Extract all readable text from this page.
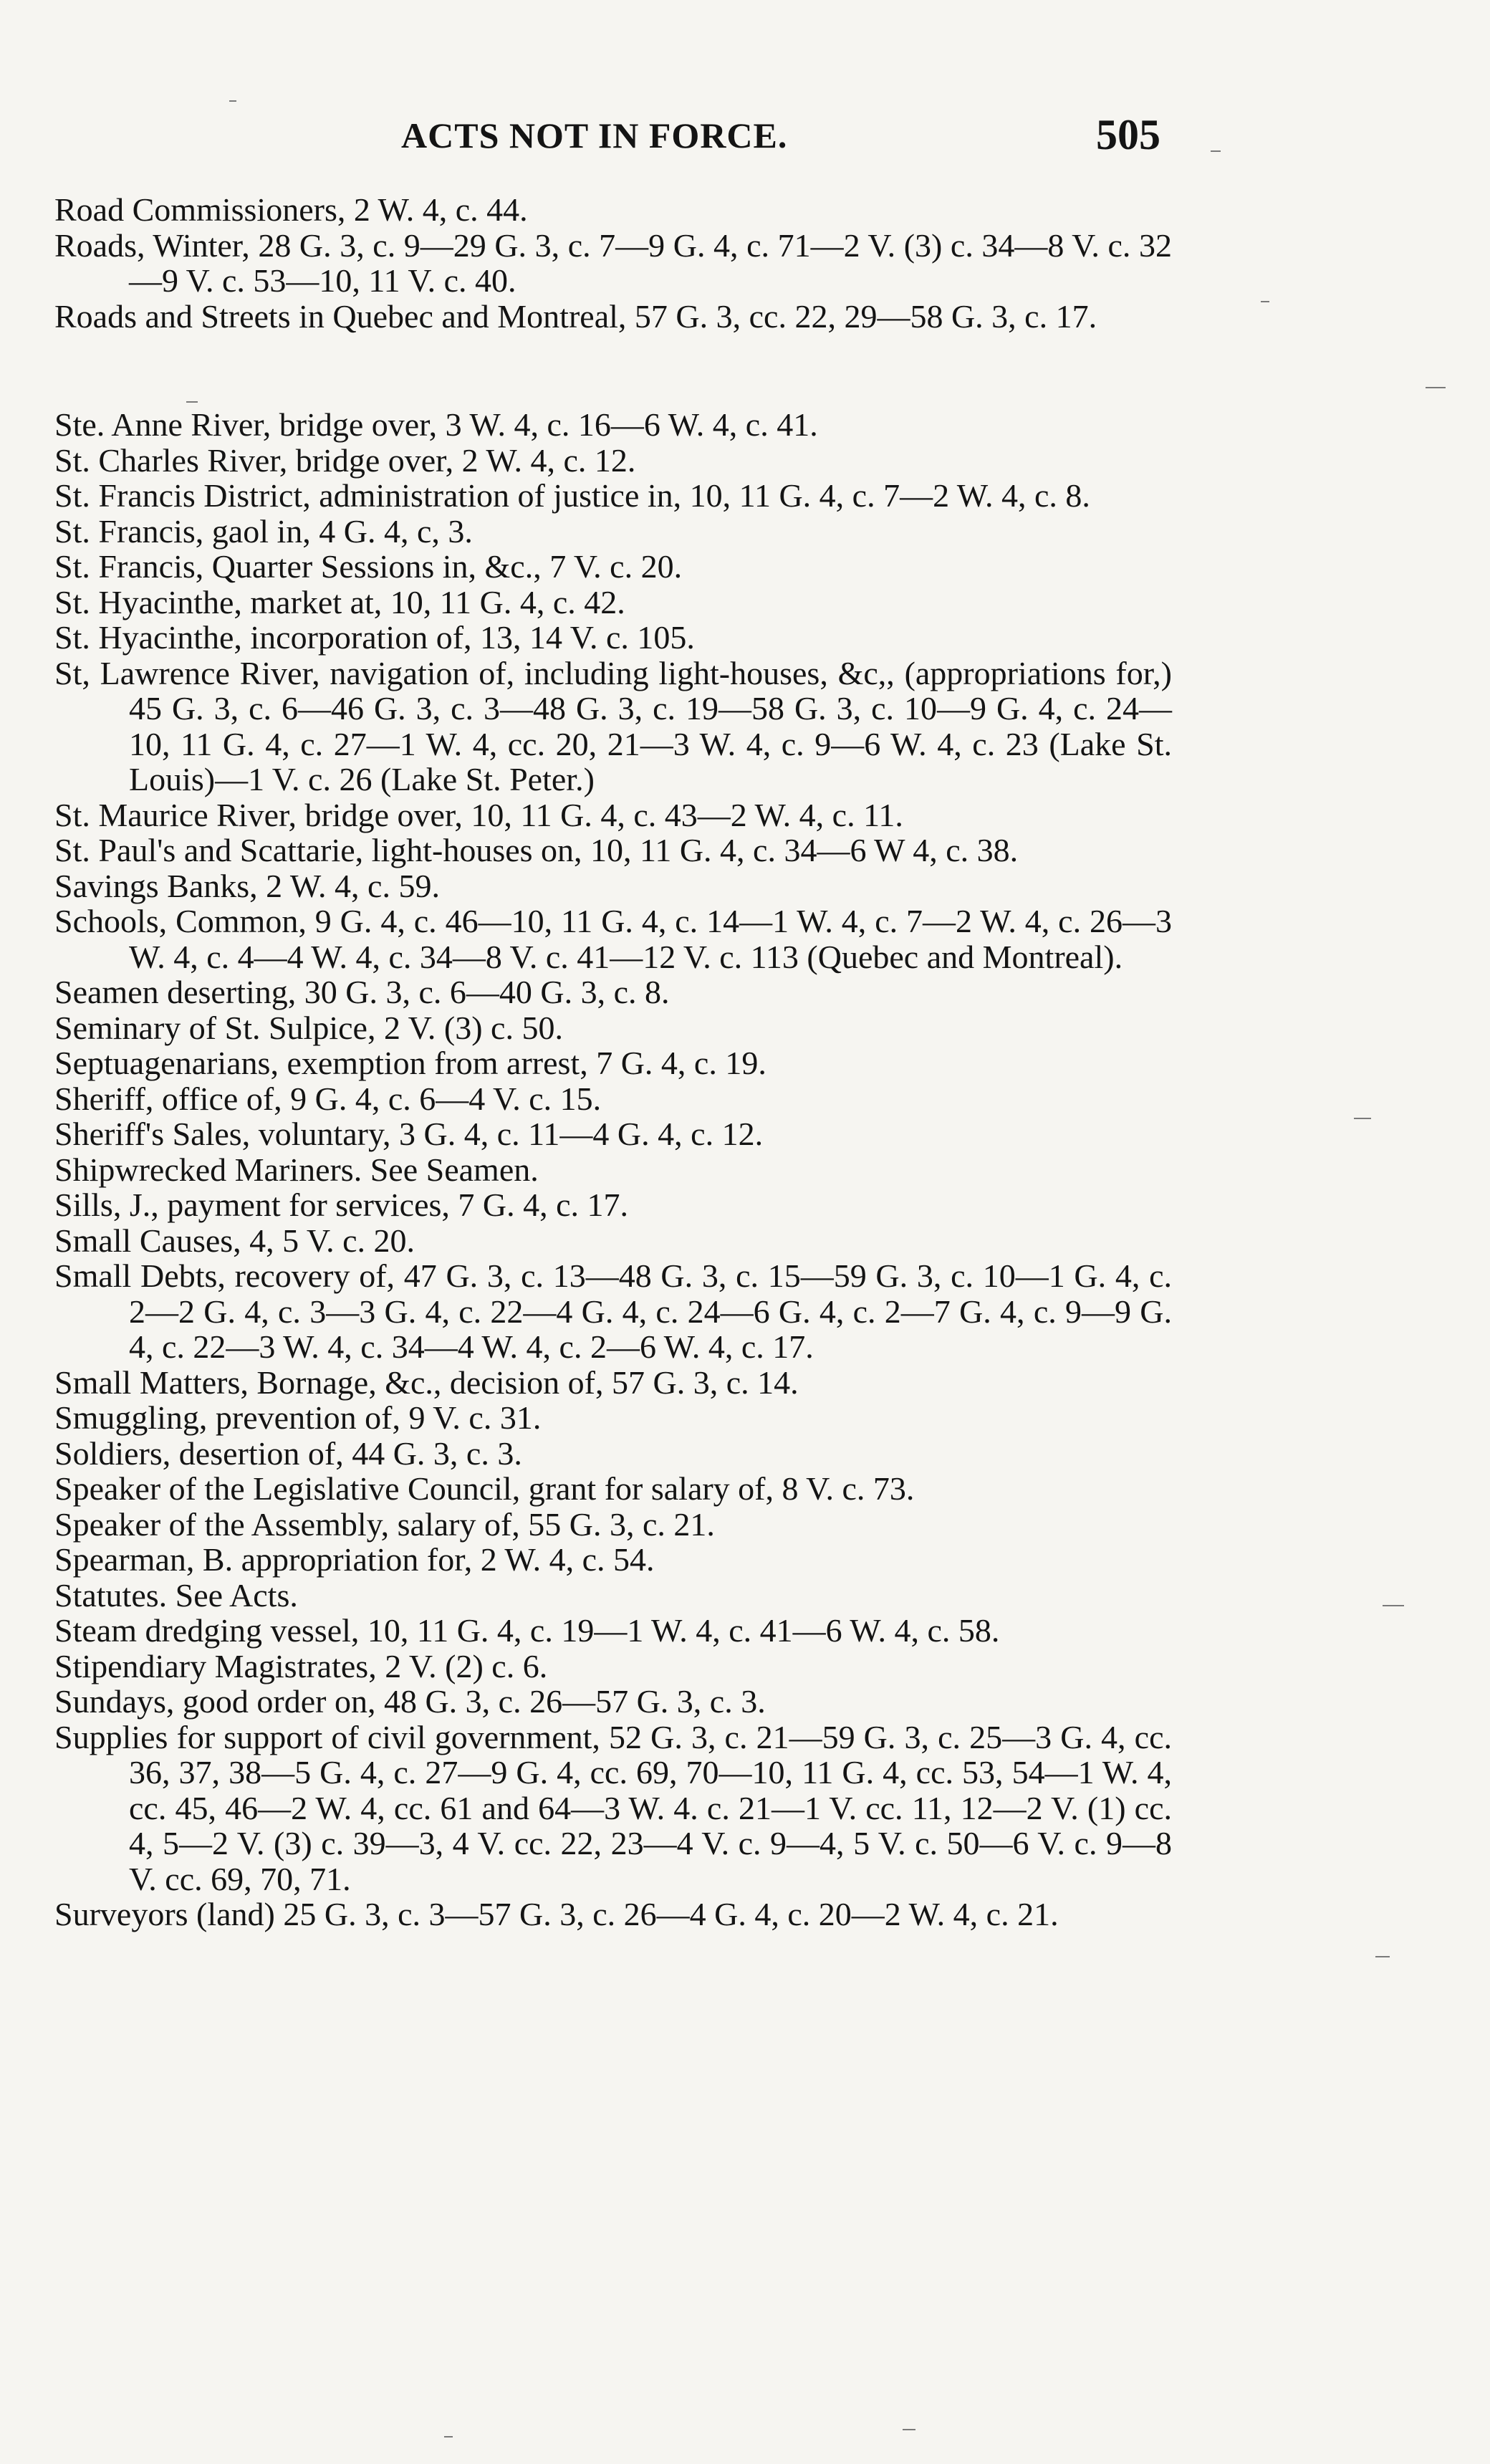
ACTS NOT IN FORCE.	505

Road Commissioners, 2 W. 4, c. 44.

Roads, Winter, 28 G. 3, c. 9—29 G. 3, c. 7—9 G. 4, c. 71—2 V. (3) c. 34—8 V. c. 32—9 V. c. 53—10, 11 V. c. 40.

Roads and Streets in Quebec and Montreal, 57 G. 3, cc. 22, 29—58 G. 3, c. 17.

Ste. Anne River, bridge over, 3 W. 4, c. 16—6 W. 4, c. 41.

St. Charles River, bridge over, 2 W. 4, c. 12.

St. Francis District, administration of justice in, 10, 11 G. 4, c. 7—2 W. 4, c. 8.

St. Francis, gaol in, 4 G. 4, c, 3.

St. Francis, Quarter Sessions in, &c., 7 V. c. 20.

St. Hyacinthe, market at, 10, 11 G. 4, c. 42.

St. Hyacinthe, incorporation of, 13, 14 V. c. 105.

St, Lawrence River, navigation of, including light-houses, &c,, (appropriations for,) 45 G. 3, c. 6—46 G. 3, c. 3—48 G. 3, c. 19—58 G. 3, c. 10—9 G. 4, c. 24—10, 11 G. 4, c. 27—1 W. 4, cc. 20, 21—3 W. 4, c. 9—6 W. 4, c. 23 (Lake St. Louis)—1 V. c. 26 (Lake St. Peter.)

St. Maurice River, bridge over, 10, 11 G. 4, c. 43—2 W. 4, c. 11.

St. Paul's and Scattarie, light-houses on, 10, 11 G. 4, c. 34—6 W 4, c. 38.

Savings Banks, 2 W. 4, c. 59.

Schools, Common, 9 G. 4, c. 46—10, 11 G. 4, c. 14—1 W. 4, c. 7—2 W. 4, c. 26—3 W. 4, c. 4—4 W. 4, c. 34—8 V. c. 41—12 V. c. 113 (Quebec and Montreal).

Seamen deserting, 30 G. 3, c. 6—40 G. 3, c. 8.

Seminary of St. Sulpice, 2 V. (3) c. 50.

Septuagenarians, exemption from arrest, 7 G. 4, c. 19.

Sheriff, office of, 9 G. 4, c. 6—4 V. c. 15.

Sheriff's Sales, voluntary, 3 G. 4, c. 11—4 G. 4, c. 12.

Shipwrecked Mariners. See Seamen.

Sills, J., payment for services, 7 G. 4, c. 17.

Small Causes, 4, 5 V. c. 20.

Small Debts, recovery of, 47 G. 3, c. 13—48 G. 3, c. 15—59 G. 3, c. 10—1 G. 4, c. 2—2 G. 4, c. 3—3 G. 4, c. 22—4 G. 4, c. 24—6 G. 4, c. 2—7 G. 4, c. 9—9 G. 4, c. 22—3 W. 4, c. 34—4 W. 4, c. 2—6 W. 4, c. 17.

Small Matters, Bornage, &c., decision of, 57 G. 3, c. 14.

Smuggling, prevention of, 9 V. c. 31.

Soldiers, desertion of, 44 G. 3, c. 3.

Speaker of the Legislative Council, grant for salary of, 8 V. c. 73.

Speaker of the Assembly, salary of, 55 G. 3, c. 21.

Spearman, B. appropriation for, 2 W. 4, c. 54.

Statutes. See Acts.

Steam dredging vessel, 10, 11 G. 4, c. 19—1 W. 4, c. 41—6 W. 4, c. 58.

Stipendiary Magistrates, 2 V. (2) c. 6.

Sundays, good order on, 48 G. 3, c. 26—57 G. 3, c. 3.

Supplies for support of civil government, 52 G. 3, c. 21—59 G. 3, c. 25—3 G. 4, cc. 36, 37, 38—5 G. 4, c. 27—9 G. 4, cc. 69, 70—10, 11 G. 4, cc. 53, 54—1 W. 4, cc. 45, 46—2 W. 4, cc. 61 and 64—3 W. 4. c. 21—1 V. cc. 11, 12—2 V. (1) cc. 4, 5—2 V. (3) c. 39—3, 4 V. cc. 22, 23—4 V. c. 9—4, 5 V. c. 50—6 V. c. 9—8 V. cc. 69, 70, 71.

Surveyors (land) 25 G. 3, c. 3—57 G. 3, c. 26—4 G. 4, c. 20—2 W. 4, c. 21.
